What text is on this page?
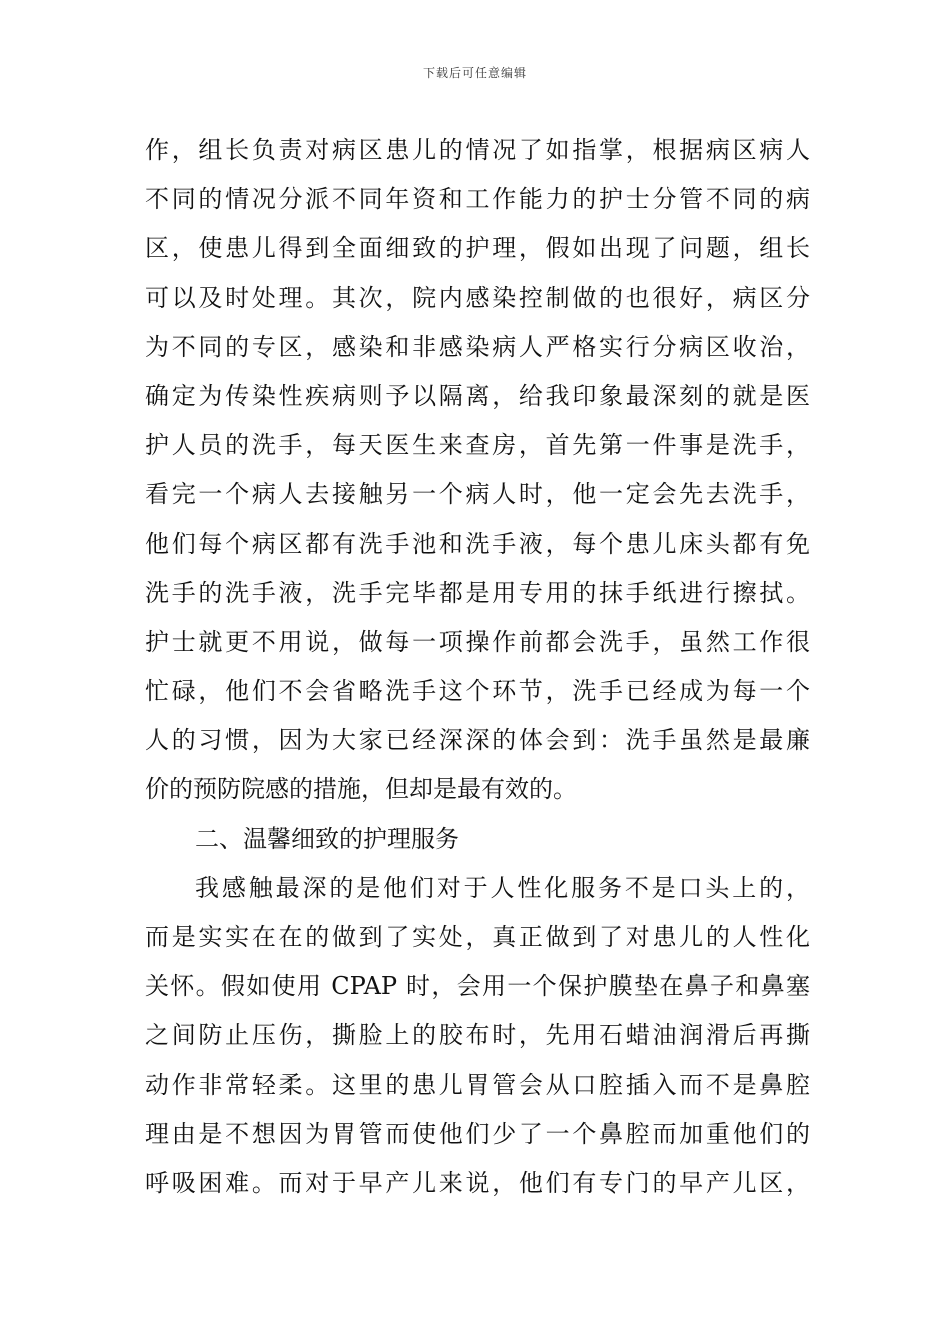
下载后可任意编辑
作，组长负责对病区患儿的情况了如指掌，根据病区病人
不同的情况分派不同年资和工作能力的护士分管不同的病
区，使患儿得到全面细致的护理，假如出现了问题，组长
可以及时处理。其次，院内感染控制做的也很好，病区分
为不同的专区，感染和非感染病人严格实行分病区收治，
确定为传染性疾病则予以隔离，给我印象最深刻的就是医
护人员的洗手，每天医生来查房，首先第一件事是洗手，
看完一个病人去接触另一个病人时，他一定会先去洗手，
他们每个病区都有洗手池和洗手液，每个患儿床头都有免
洗手的洗手液，洗手完毕都是用专用的抹手纸进行擦拭。
护士就更不用说，做每一项操作前都会洗手，虽然工作很
忙碌，他们不会省略洗手这个环节，洗手已经成为每一个
人的习惯，因为大家已经深深的体会到：洗手虽然是最廉
价的预防院感的措施，但却是最有效的。
二、温馨细致的护理服务
我感触最深的是他们对于人性化服务不是口头上的，
而是实实在在的做到了实处，真正做到了对患儿的人性化
关怀。假如使用 CPAP 时，会用一个保护膜垫在鼻子和鼻塞
之间防止压伤，撕脸上的胶布时，先用石蜡油润滑后再撕
动作非常轻柔。这里的患儿胃管会从口腔插入而不是鼻腔
理由是不想因为胃管而使他们少了一个鼻腔而加重他们的
呼吸困难。而对于早产儿来说，他们有专门的早产儿区，
